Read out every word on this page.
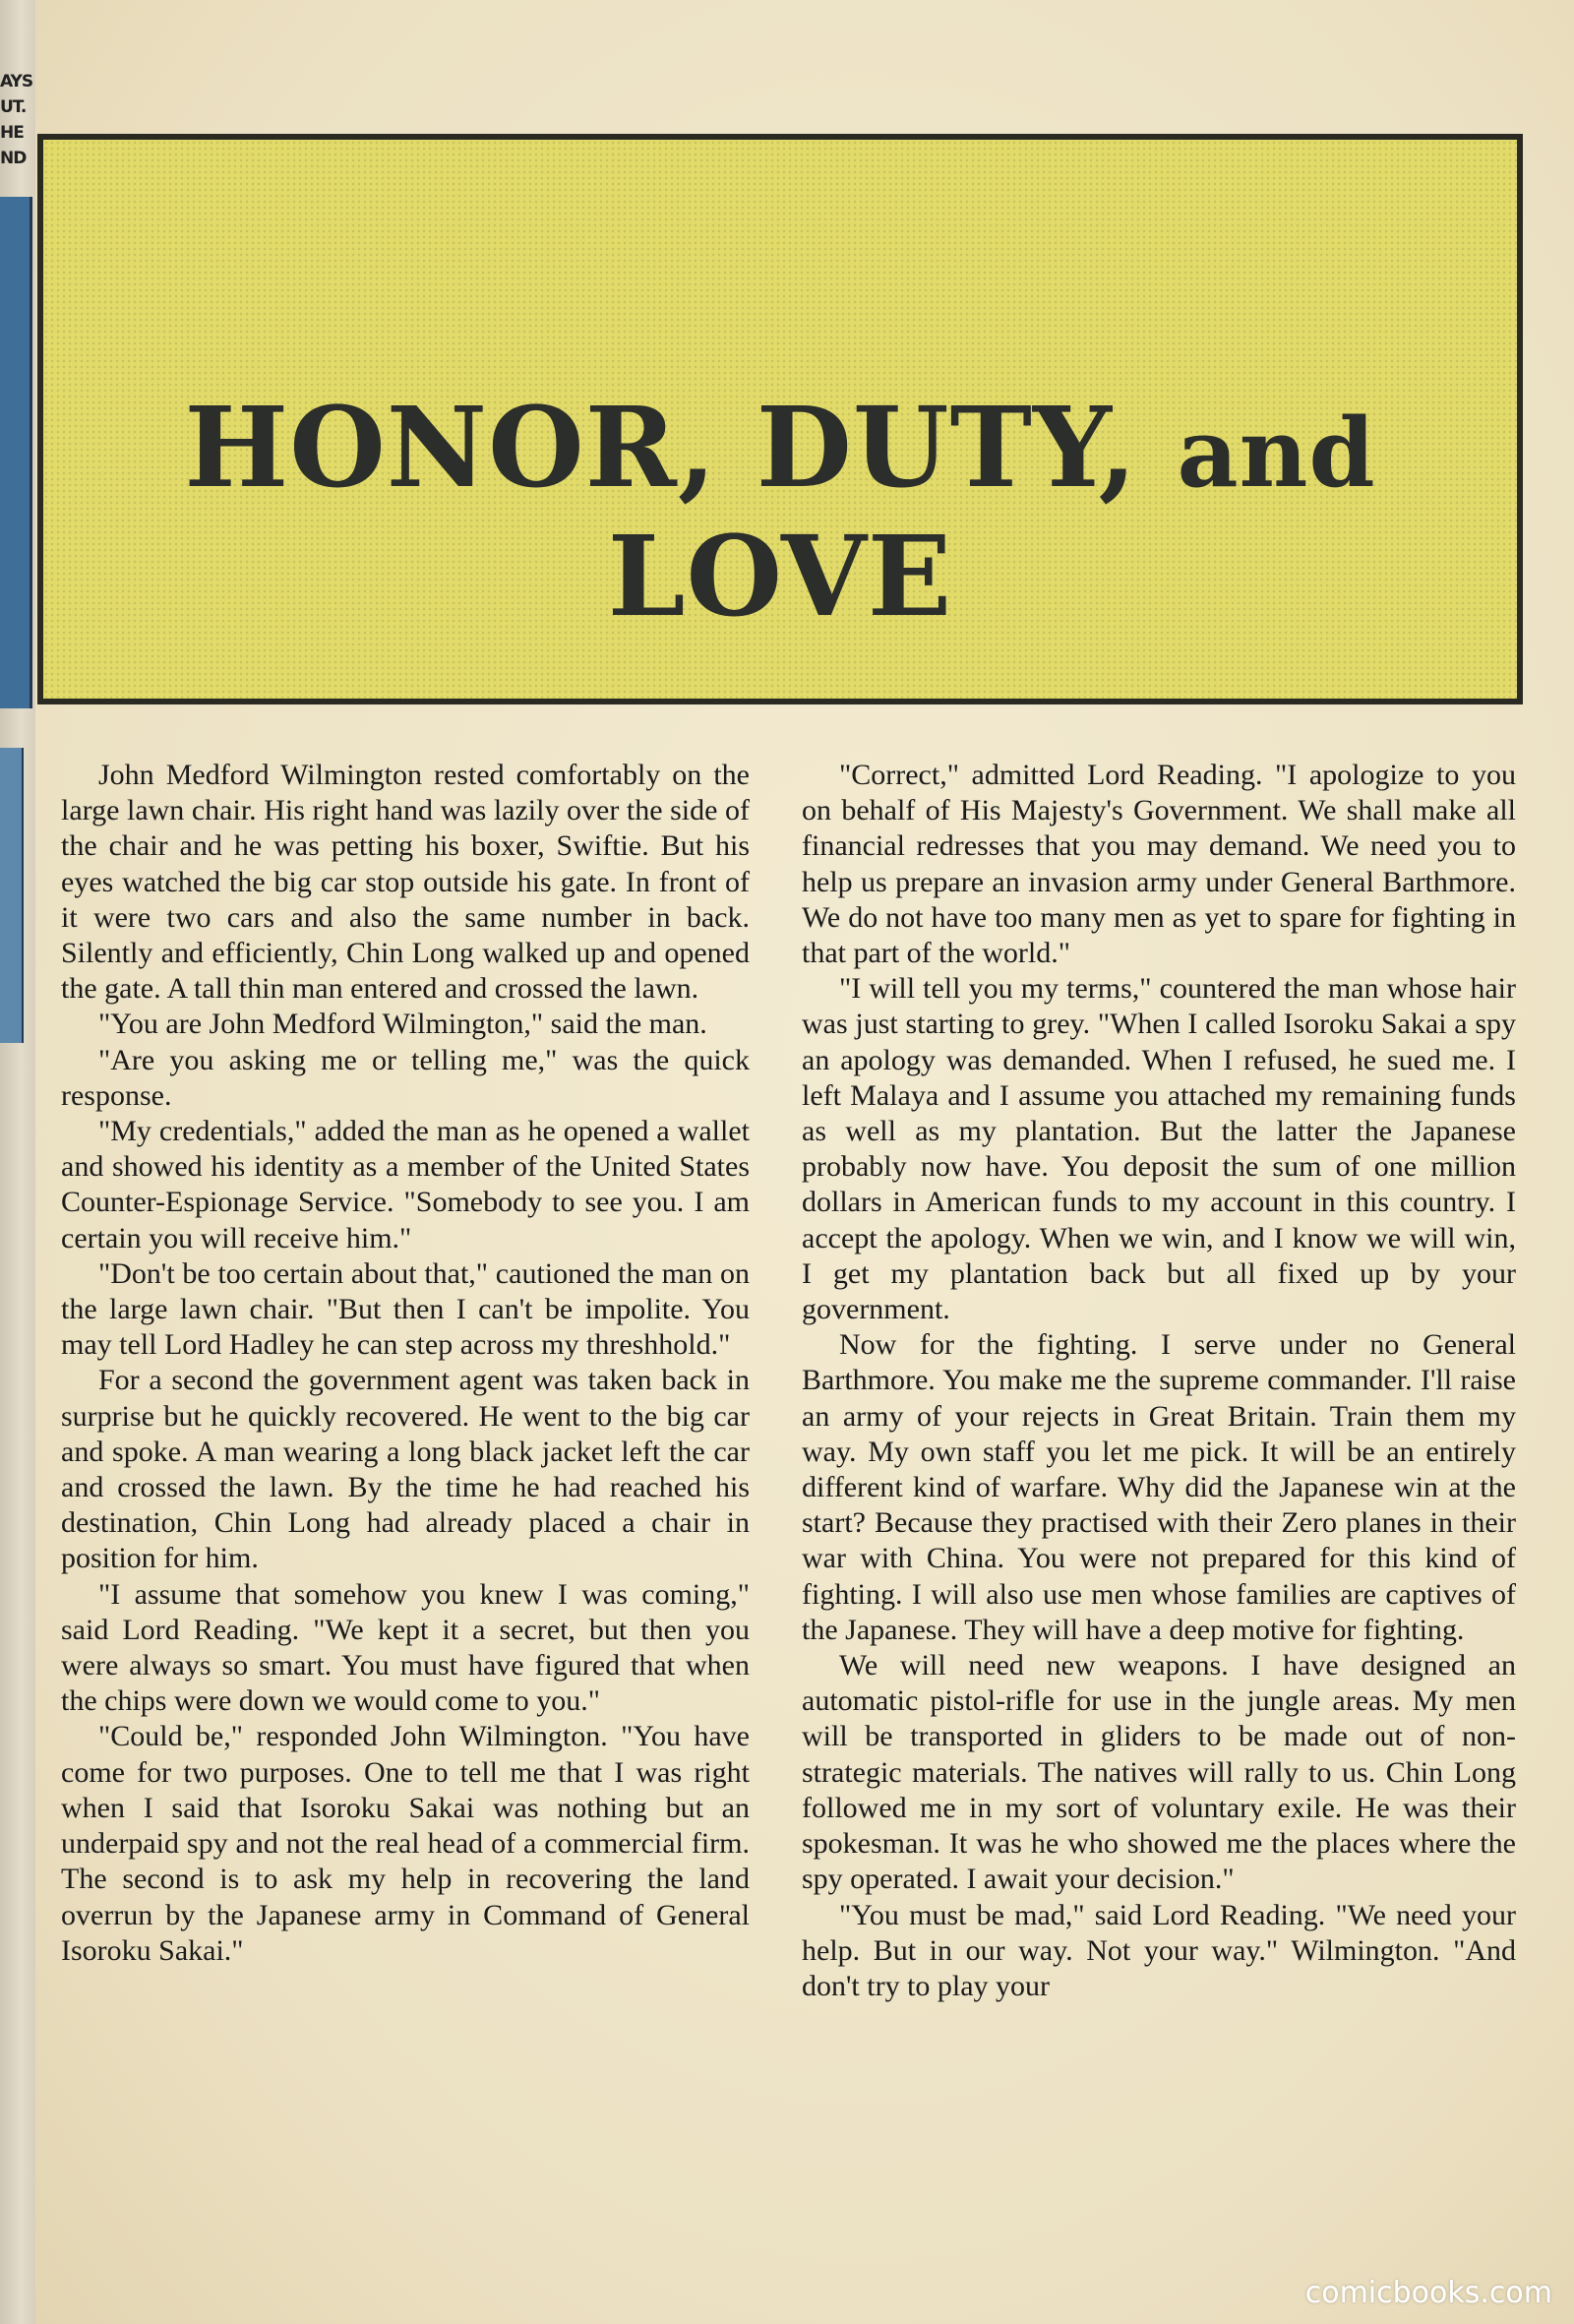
AYS
UT.
HE
ND
HONOR, DUTY, and LOVE

John Medford Wilmington rested comfortably on the large lawn chair. His right hand was lazily over the side of the chair and he was petting his boxer, Swiftie. But his eyes watched the big car stop outside his gate. In front of it were two cars and also the same number in back. Silently and efficiently, Chin Long walked up and opened the gate. A tall thin man entered and crossed the lawn.

"You are John Medford Wilmington," said the man.

"Are you asking me or telling me," was the quick response.

"My credentials," added the man as he opened a wallet and showed his identity as a member of the United States Counter-Espionage Service. "Somebody to see you. I am certain you will receive him."

"Don't be too certain about that," cautioned the man on the large lawn chair. "But then I can't be impolite. You may tell Lord Hadley he can step across my threshhold."

For a second the government agent was taken back in surprise but he quickly recovered. He went to the big car and spoke. A man wearing a long black jacket left the car and crossed the lawn. By the time he had reached his destination, Chin Long had already placed a chair in position for him.

"I assume that somehow you knew I was coming," said Lord Reading. "We kept it a secret, but then you were always so smart. You must have figured that when the chips were down we would come to you."

"Could be," responded John Wilmington. "You have come for two purposes. One to tell me that I was right when I said that Isoroku Sakai was nothing but an underpaid spy and not the real head of a commercial firm. The second is to ask my help in recovering the land overrun by the Japanese army in Command of General Isoroku Sakai."

"Correct," admitted Lord Reading. "I apologize to you on behalf of His Majesty's Government. We shall make all financial redresses that you may demand. We need you to help us prepare an invasion army under General Barthmore. We do not have too many men as yet to spare for fighting in that part of the world."

"I will tell you my terms," countered the man whose hair was just starting to grey. "When I called Isoroku Sakai a spy an apology was demanded. When I refused, he sued me. I left Malaya and I assume you attached my remaining funds as well as my plantation. But the latter the Japanese probably now have. You deposit the sum of one million dollars in American funds to my account in this country. I accept the apology. When we win, and I know we will win, I get my plantation back but all fixed up by your government.

Now for the fighting. I serve under no General Barthmore. You make me the supreme commander. I'll raise an army of your rejects in Great Britain. Train them my way. My own staff you let me pick. It will be an entirely different kind of warfare. Why did the Japanese win at the start? Because they practised with their Zero planes in their war with China. You were not prepared for this kind of fighting. I will also use men whose families are captives of the Japanese. They will have a deep motive for fighting.

We will need new weapons. I have designed an automatic pistol-rifle for use in the jungle areas. My men will be transported in gliders to be made out of non-strategic materials. The natives will rally to us. Chin Long followed me in my sort of voluntary exile. He was their spokesman. It was he who showed me the places where the spy operated. I await your decision."

"You must be mad," said Lord Reading. "We need your help. But in our way. Not your way." Wilmington. "And don't try to play your

comicbooks.com
